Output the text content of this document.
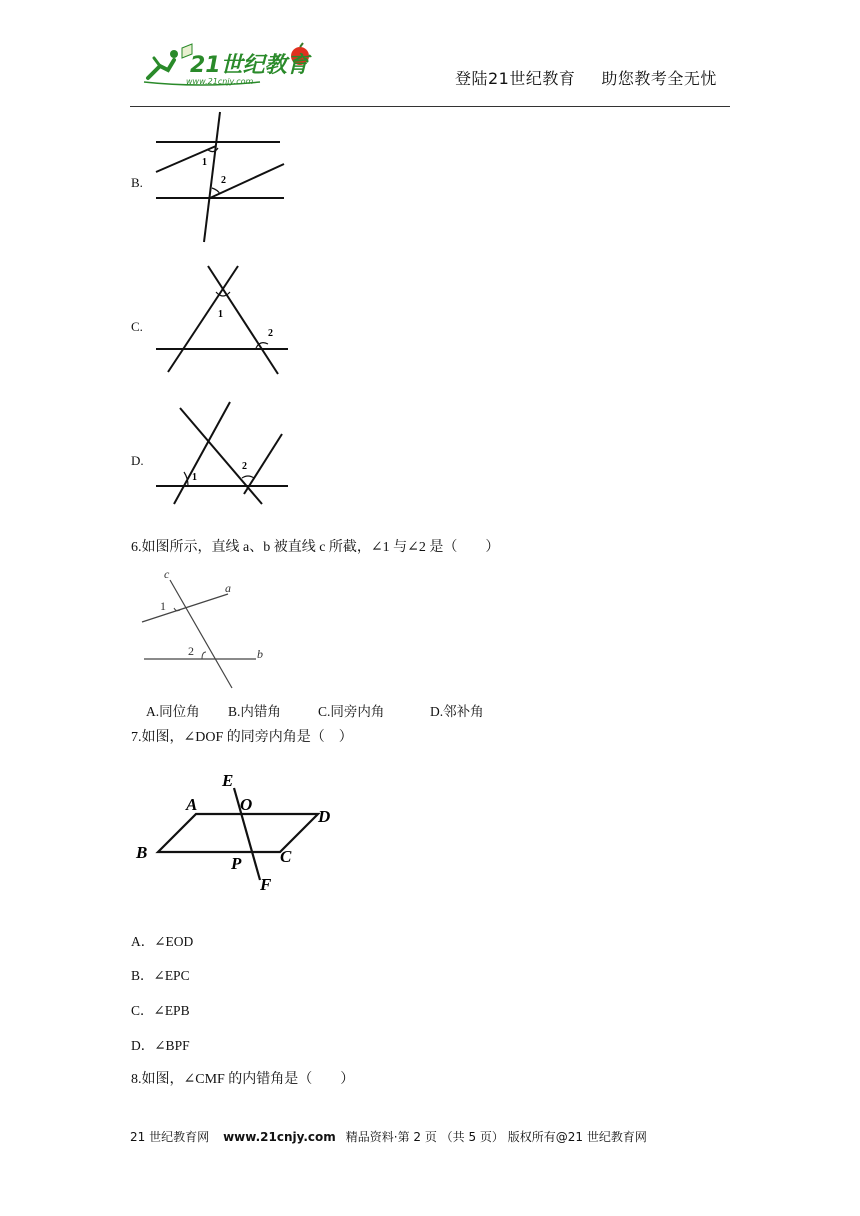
21世纪教育
www.21cnjy.com	登陆21世纪教育 助您教考全无忧
B.
1
2
C.
1
2
D.
1
2
6.如图所示，直线 a、b 被直线 c 所截，∠1 与∠2 是（　　）
c
a
b
1
2
A.同位角 B.内错角	C.同旁内角	D.邻补角
7.如图，∠DOF 的同旁内角是（　）
E
A	O
D
B
P C
F
A．∠EOD
B．∠EPC
C．∠EPB
D．∠BPF
8.如图，∠CMF 的内错角是（　　）
21 世纪教育网 www.21cnjy.com 精品资料·第 2 页 （共 5 页） 版权所有@21 世纪教育网
